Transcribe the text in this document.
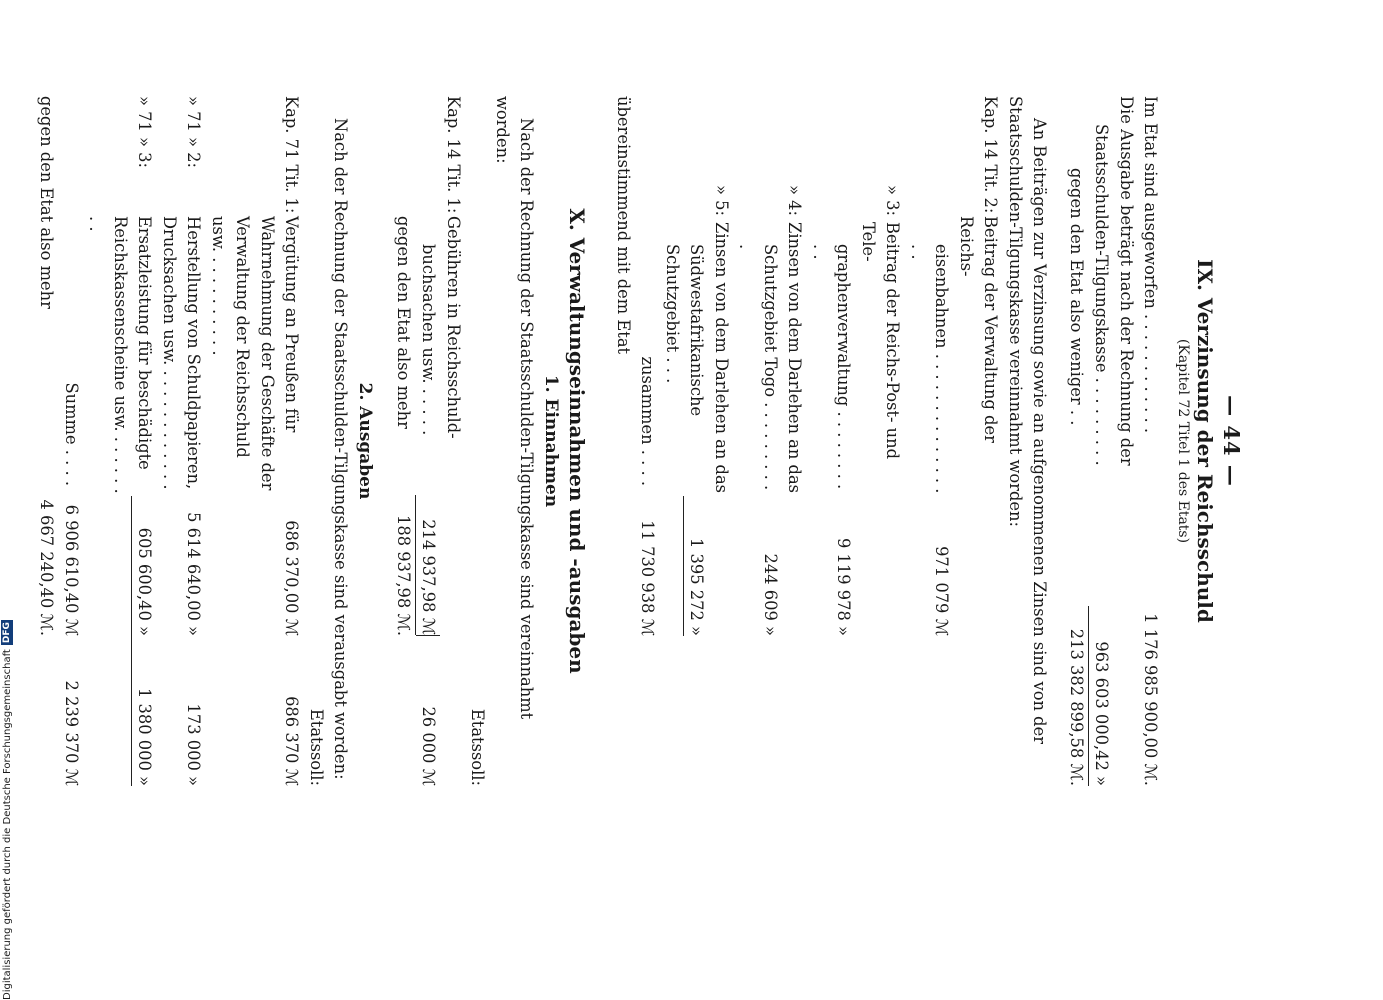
— 44 —
IX. Verzinsung der Reichsschuld
(Kapitel 72 Titel 1 des Etats)
Im Etat sind ausgeworfen . . . . . . . . . . . .
1 176 985 900,00 ℳ.
Die Ausgabe beträgt nach der Rechnung der
Staatsschulden-Tilgungskasse . . . . . . . . .
963 603 000,42 »
gegen den Etat also weniger . .
213 382 899,58 ℳ.
An Beiträgen zur Verzinsung sowie an aufgenommenen Zinsen sind von der Staatsschulden-Tilgungskasse vereinnahmt worden:
Kap. 14 Tit. 2:
Beitrag der Verwaltung der Reichs-
eisenbahnen . . . . . . . . . . . . . . . .
971 079 ℳ
» 3:
Beitrag der Reichs-Post- und Tele-
graphenverwaltung . . . . . . . . . .
9 119 978 »
» 4:
Zinsen von dem Darlehen an das
Schutzgebiet Togo . . . . . . . . . .
244 609 »
» 5:
Zinsen von dem Darlehen an das
Südwestafrikanische Schutzgebiet . . .
1 395 272 »
zusammen . . . .
11 730 938 ℳ
übereinstimmend mit dem Etat
X. Verwaltungseinnahmen und -ausgaben
1. Einnahmen
Nach der Rechnung der Staatsschulden-Tilgungskasse sind vereinnahmt worden:
Etatssoll:
Kap. 14 Tit. 1:
Gebühren in Reichsschuld-
buchsachen usw. . . . . .
214 937,98 ℳ
26 000 ℳ
gegen den Etat also mehr
188 937,98 ℳ.
2. Ausgaben
Nach der Rechnung der Staatsschulden-Tilgungskasse sind verausgabt worden:
Etatssoll:
Kap. 71 Tit. 1:
Vergütung an Preußen für Wahrnehmung der Geschäfte der Verwaltung der Reichsschuld usw. . . . . . . . . . .
686 370,00 ℳ
686 370 ℳ
» 71 » 2:
Herstellung von Schuldpapieren, Drucksachen usw. . . . . . . . . . . . .
5 614 640,00 »
173 000 »
» 71 » 3:
Ersatzleistung für beschädigte Reichskassenscheine usw. . . . . . . . .
605 600,40 »
1 380 000 »
Summe . . . .
6 906 610,40 ℳ
2 239 370 ℳ
gegen den Etat also mehr
4 667 240,40 ℳ.
Digitalisierung gefördert durch die Deutsche Forschungsgemeinschaft
DFG
